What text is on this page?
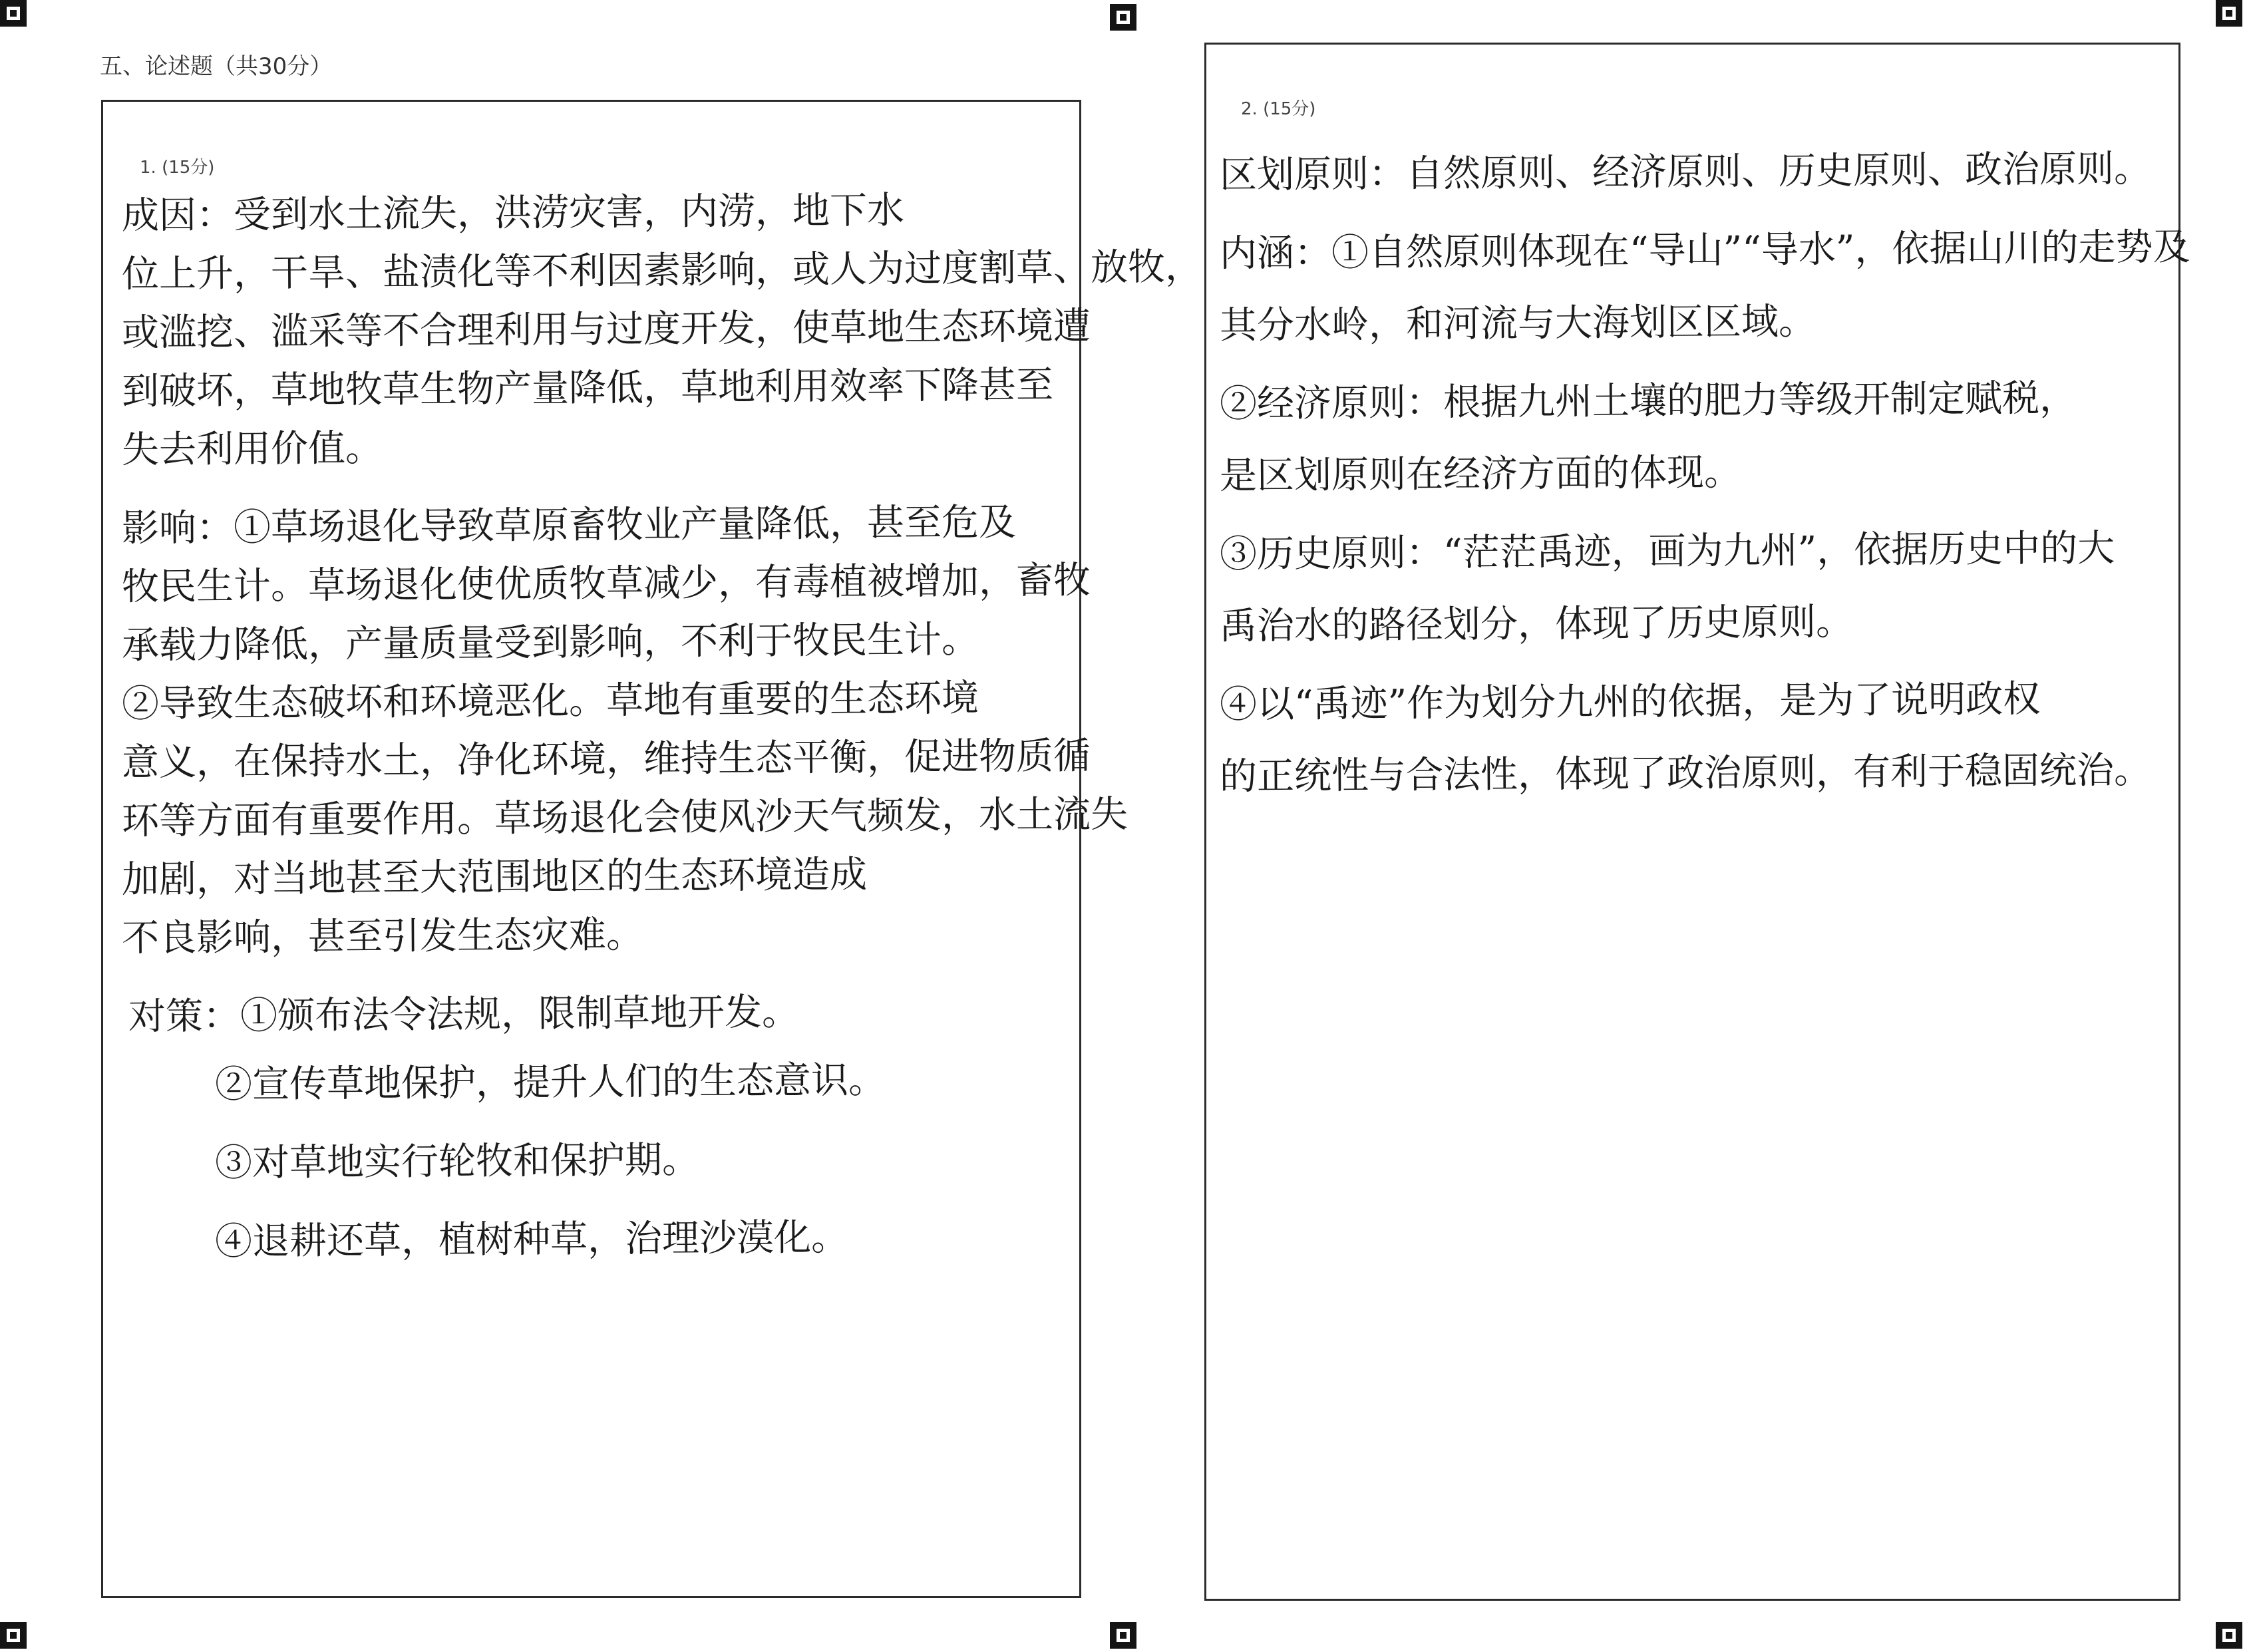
五、论述题（共30分）
1. (15分)
成因：受到水土流失，洪涝灾害，内涝，地下水
位上升，干旱、盐渍化等不利因素影响，或人为过度割草、放牧，
或滥挖、滥采等不合理利用与过度开发，使草地生态环境遭
到破坏，草地牧草生物产量降低，草地利用效率下降甚至
失去利用价值。
影响：①草场退化导致草原畜牧业产量降低，甚至危及
牧民生计。草场退化使优质牧草减少，有毒植被增加，畜牧
承载力降低，产量质量受到影响，不利于牧民生计。
②导致生态破坏和环境恶化。草地有重要的生态环境
意义，在保持水土，净化环境，维持生态平衡，促进物质循
环等方面有重要作用。草场退化会使风沙天气频发，水土流失
加剧，对当地甚至大范围地区的生态环境造成
不良影响，甚至引发生态灾难。
对策：①颁布法令法规，限制草地开发。
②宣传草地保护，提升人们的生态意识。
③对草地实行轮牧和保护期。
④退耕还草，植树种草，治理沙漠化。
2. (15分)
区划原则：自然原则、经济原则、历史原则、政治原则。
内涵：①自然原则体现在“导山”“导水”，依据山川的走势及
其分水岭，和河流与大海划区区域。
②经济原则：根据九州土壤的肥力等级开制定赋税，
是区划原则在经济方面的体现。
③历史原则：“茫茫禹迹，画为九州”，依据历史中的大
禹治水的路径划分，体现了历史原则。
④以“禹迹”作为划分九州的依据，是为了说明政权
的正统性与合法性，体现了政治原则，有利于稳固统治。
